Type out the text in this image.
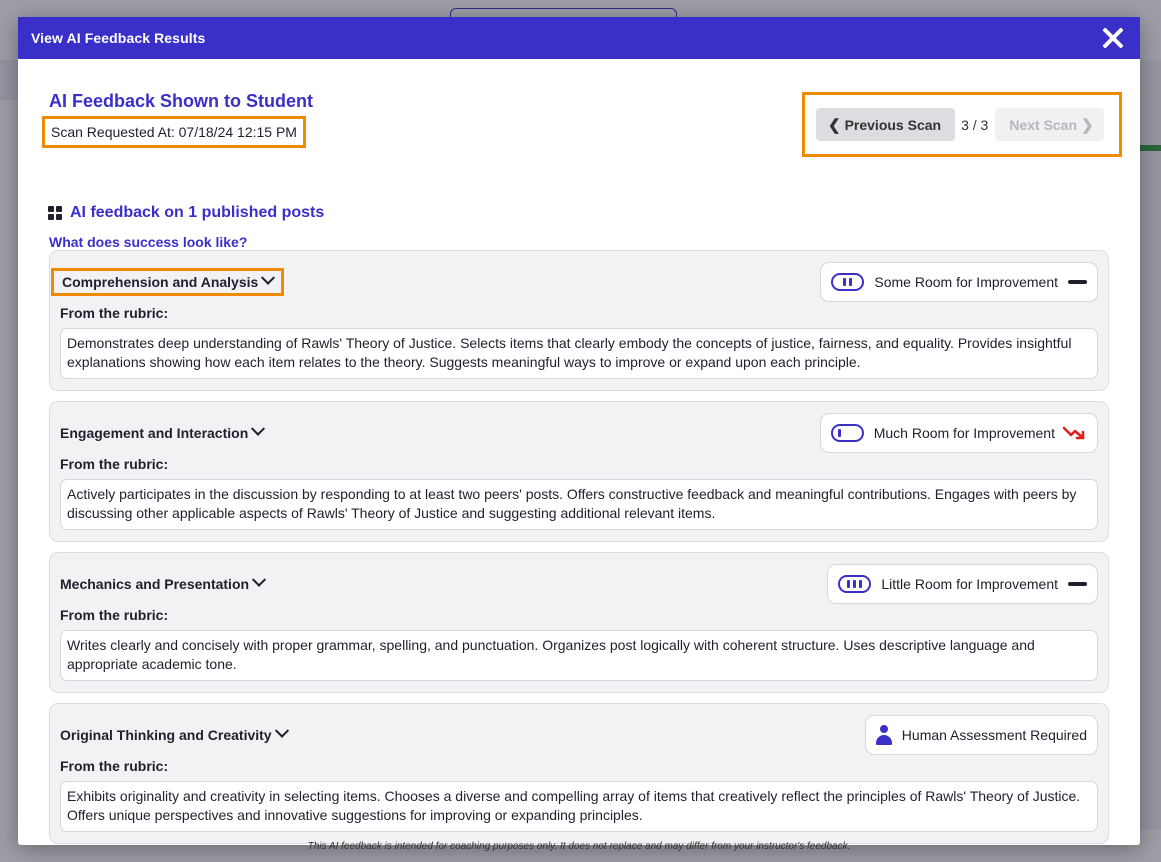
View AI Feedback Results
AI Feedback Shown to Student
Scan Requested At: 07/18/24 12:15 PM	❮ Previous Scan 3 / 3 Next Scan ❯
AI feedback on 1 published posts
What does success look like?
Comprehension and Analysis	Some Room for Improvement
From the rubric:
Demonstrates deep understanding of Rawls' Theory of Justice. Selects items that clearly embody the concepts of justice, fairness, and equality. Provides insightful explanations showing how each item relates to the theory. Suggests meaningful ways to improve or expand upon each principle.
Engagement and Interaction	Much Room for Improvement
From the rubric:
Actively participates in the discussion by responding to at least two peers' posts. Offers constructive feedback and meaningful contributions. Engages with peers by discussing other applicable aspects of Rawls' Theory of Justice and suggesting additional relevant items.
Mechanics and Presentation	Little Room for Improvement
From the rubric:
Writes clearly and concisely with proper grammar, spelling, and punctuation. Organizes post logically with coherent structure. Uses descriptive language and appropriate academic tone.
Original Thinking and Creativity	Human Assessment Required
From the rubric:
Exhibits originality and creativity in selecting items. Chooses a diverse and compelling array of items that creatively reflect the principles of Rawls' Theory of Justice. Offers unique perspectives and innovative suggestions for improving or expanding principles.
This AI feedback is intended for coaching purposes only. It does not replace and may differ from your instructor's feedback.
